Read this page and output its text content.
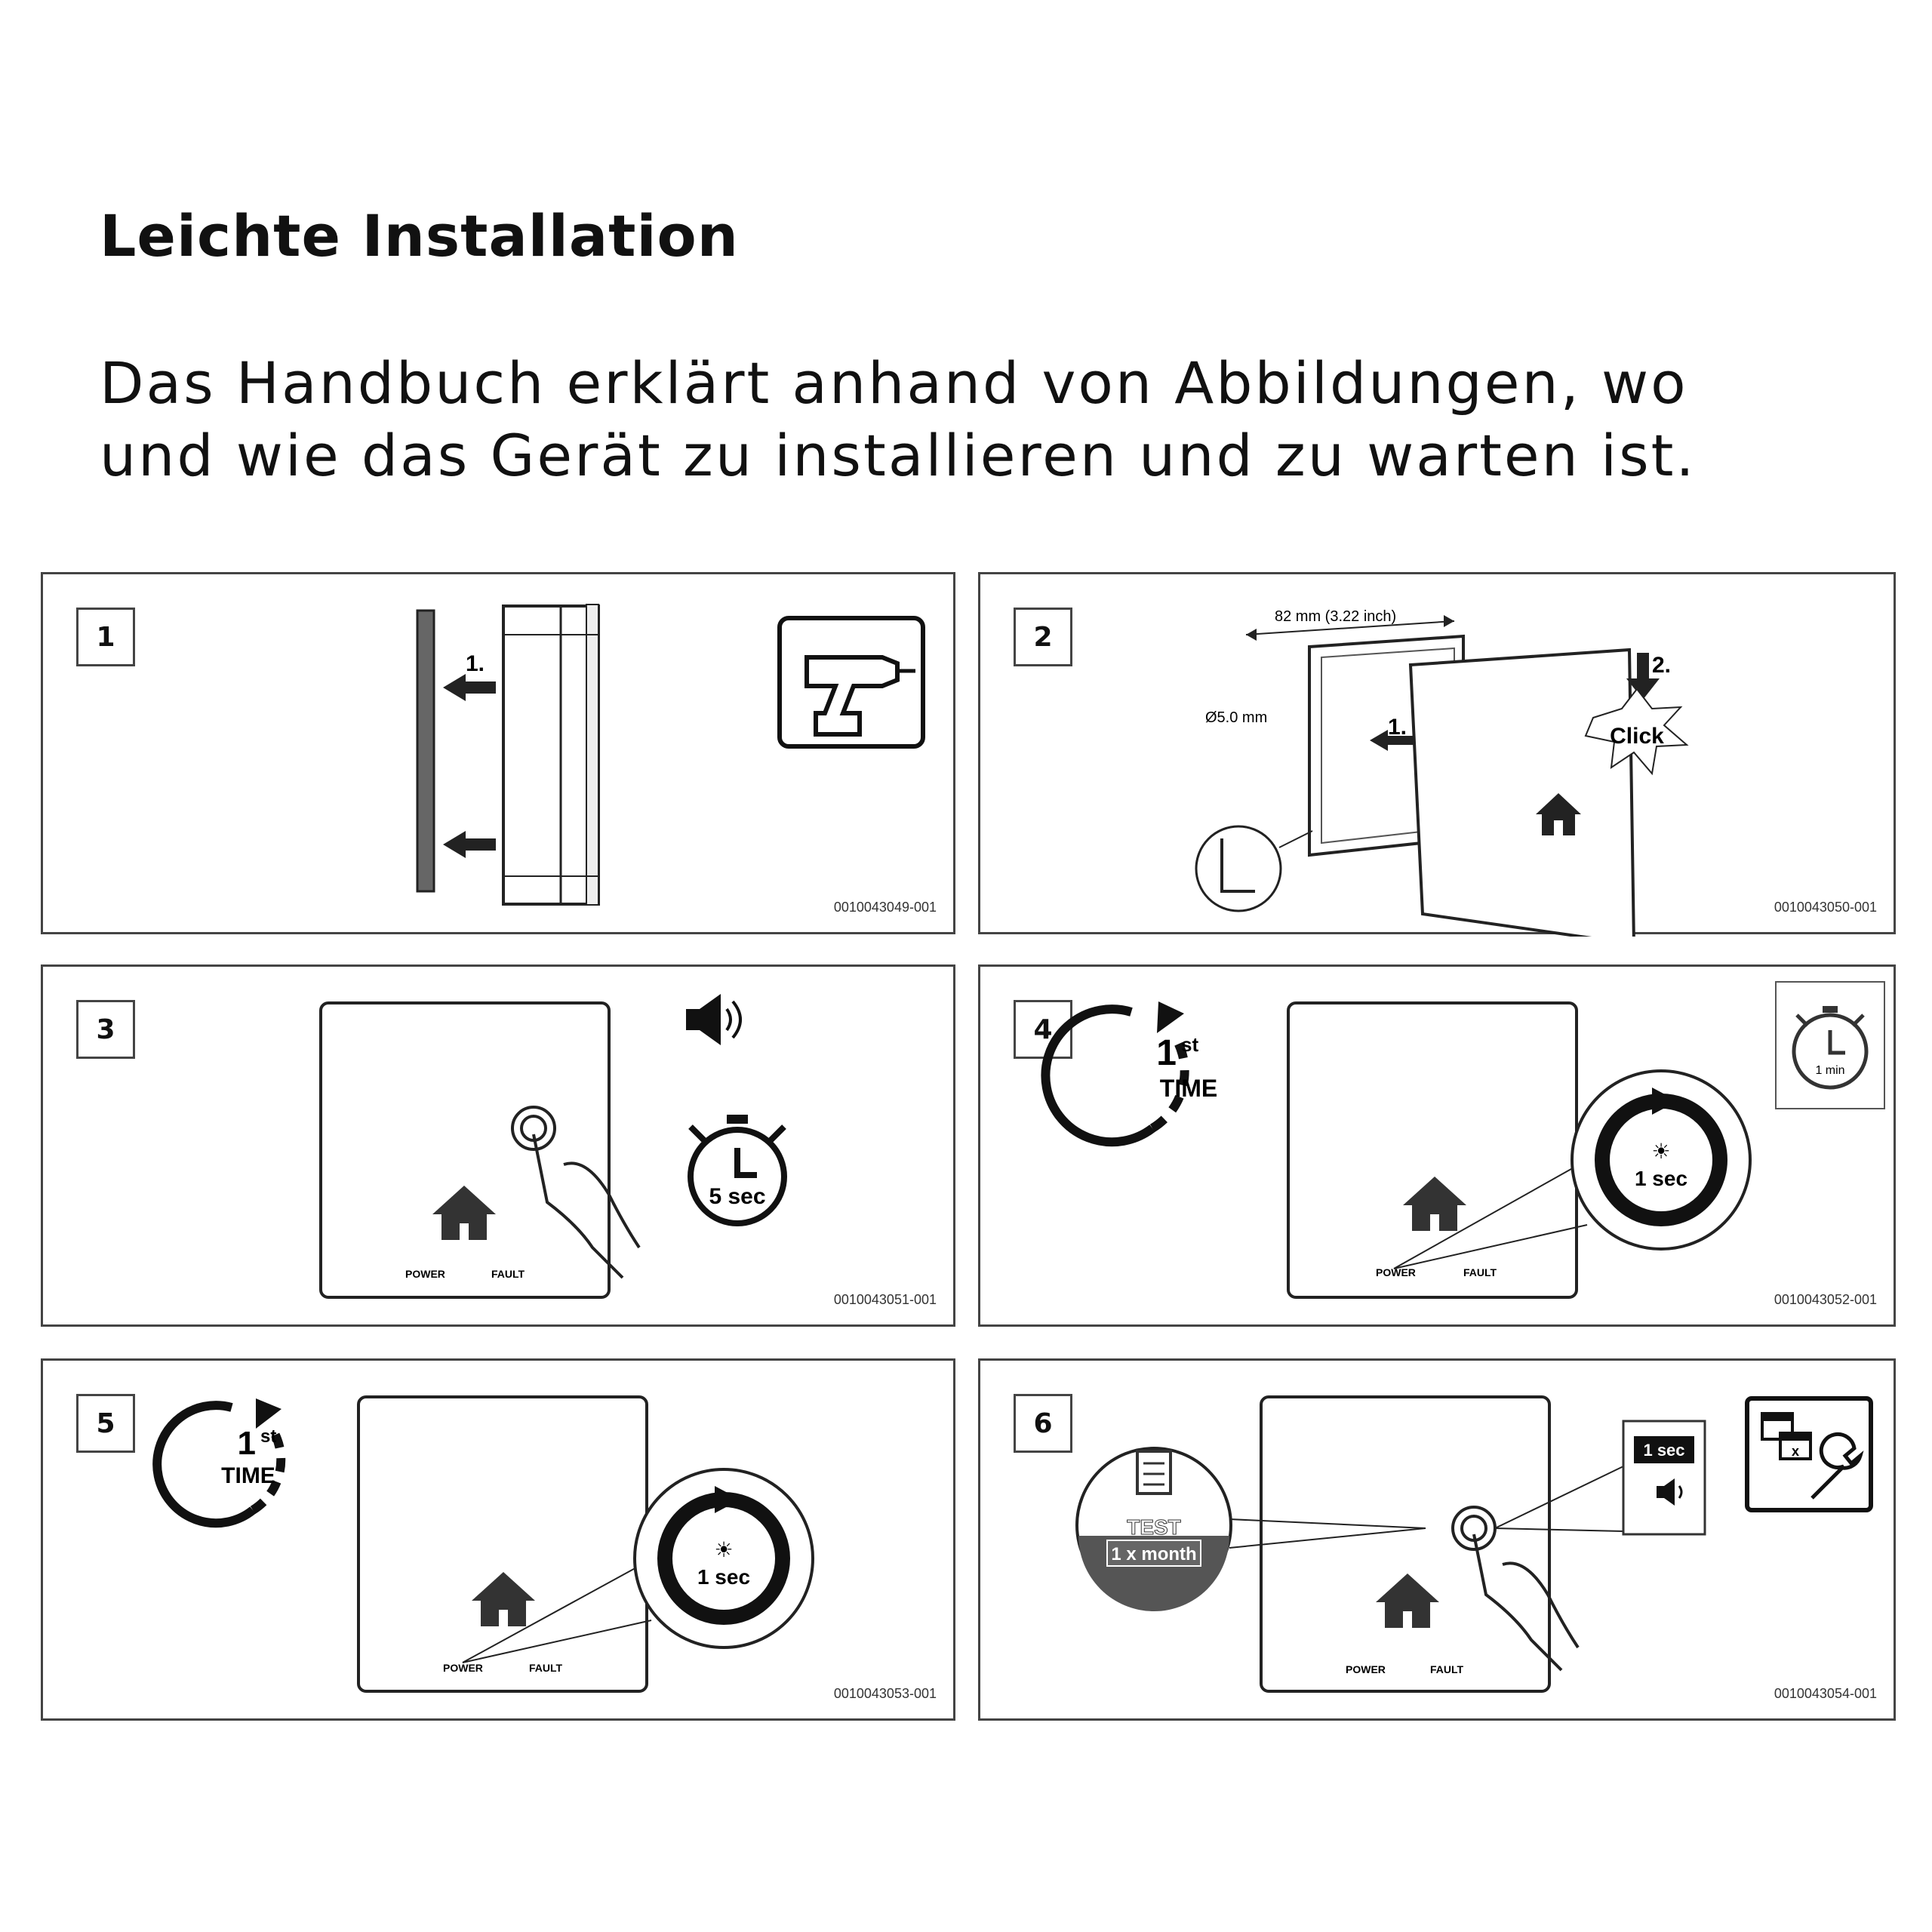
Leichte Installation

Das Handbuch erklärt anhand von Abbildungen, wo
und wie das Gerät zu installieren und zu warten ist.

1
1.
0010043049-001
2
82 mm (3.22 inch)
Ø5.0 mm	1.
2.
Click
0010043050-001
3
POWER	FAULT
5 sec
0010043051-001
4
1 st
TIME
POWER	FAULT
☀
1 sec
1 min
0010043052-001
5
1 st
TIME
POWER	FAULT
☀
1 sec
0010043053-001
6
TEST
1 x month
POWER	FAULT
1 sec	x
0010043054-001
